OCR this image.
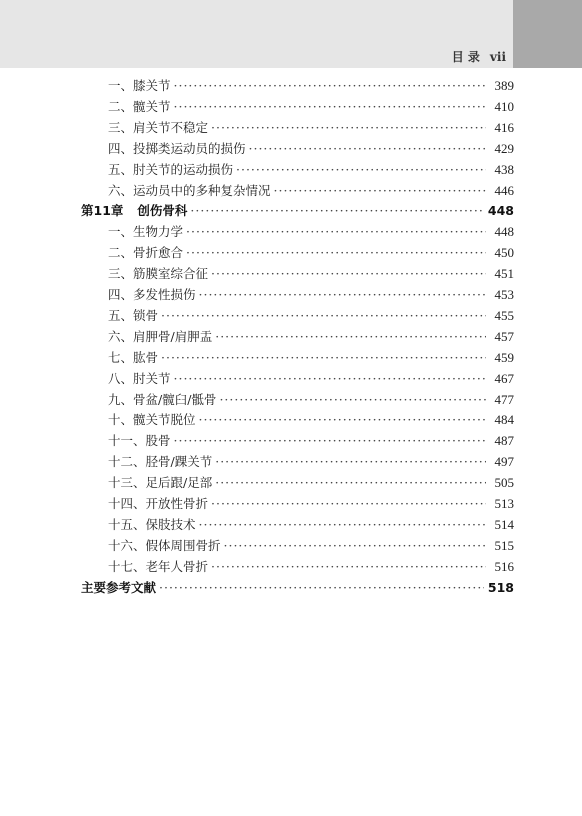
目 录 vii
一、膝关节 ·····	389
二、髋关节 ·····	410
三、肩关节不稳定 ·····	416
四、投掷类运动员的损伤 ·····	429
五、肘关节的运动损伤 ·····	438
六、运动员中的多种复杂情况 ·····	446
第11章 创伤骨科 ·····	448
一、生物力学 ·····	448
二、骨折愈合 ·····	450
三、筋膜室综合征 ·····	451
四、多发性损伤 ·····	453
五、锁骨 ·····	455
六、肩胛骨/肩胛盂 ·····	457
七、肱骨 ·····	459
八、肘关节 ·····	467
九、骨盆/髋臼/骶骨 ·····	477
十、髋关节脱位 ·····	484
十一、股骨 ·····	487
十二、胫骨/踝关节 ·····	497
十三、足后跟/足部 ·····	505
十四、开放性骨折 ·····	513
十五、保肢技术 ·····	514
十六、假体周围骨折 ·····	515
十七、老年人骨折 ·····	516
主要参考文献 ·····	518
